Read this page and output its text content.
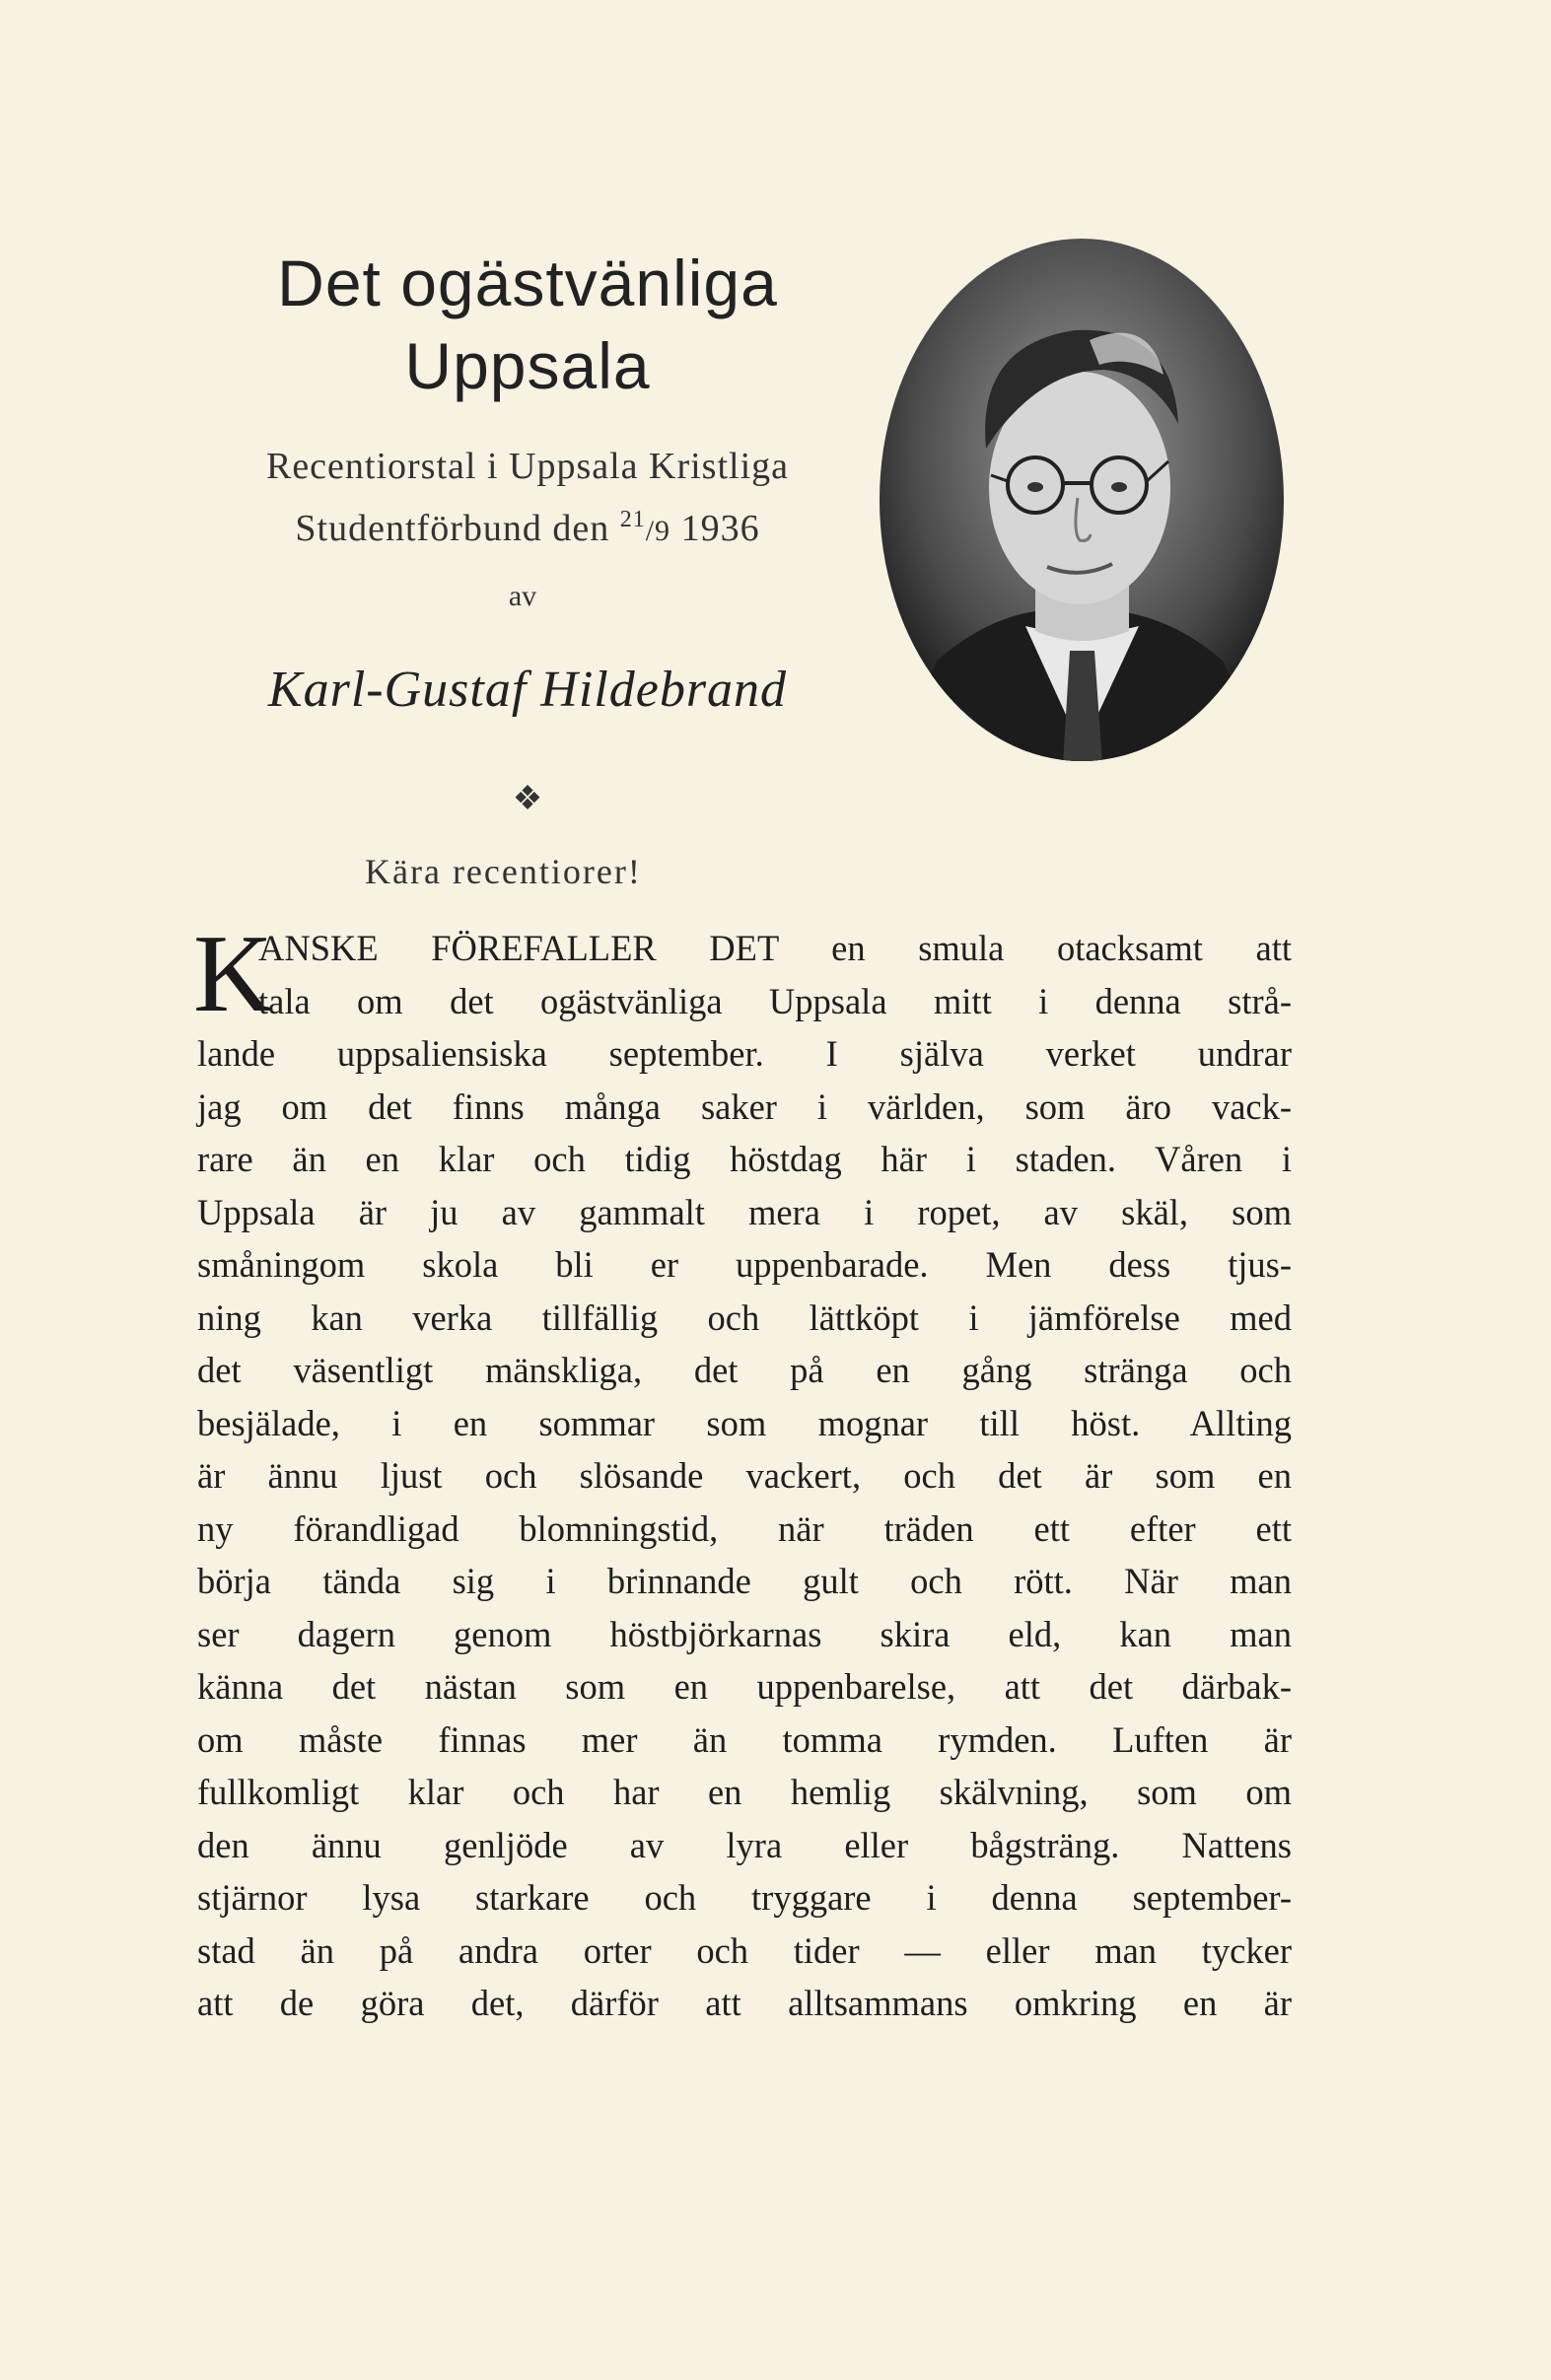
Det ogästvänliga
Uppsala
Recentiorstal i Uppsala Kristliga
Studentförbund den $^{21}$/9 1936
av
Karl-Gustaf Hildebrand
❖
Kära recentiorer!
K
ANSKE FÖREFALLER DET en smula otacksamt att
tala om det ogästvänliga Uppsala mitt i denna strå-
lande uppsaliensiska september. I själva verket undrar
jag om det finns många saker i världen, som äro vack-
rare än en klar och tidig höstdag här i staden. Våren i
Uppsala är ju av gammalt mera i ropet, av skäl, som
småningom skola bli er uppenbarade. Men dess tjus-
ning kan verka tillfällig och lättköpt i jämförelse med
det väsentligt mänskliga, det på en gång stränga och
besjälade, i en sommar som mognar till höst. Allting
är ännu ljust och slösande vackert, och det är som en
ny förandligad blomningstid, när träden ett efter ett
börja tända sig i brinnande gult och rött. När man
ser dagern genom höstbjörkarnas skira eld, kan man
känna det nästan som en uppenbarelse, att det därbak-
om måste finnas mer än tomma rymden. Luften är
fullkomligt klar och har en hemlig skälvning, som om
den ännu genljöde av lyra eller bågsträng. Nattens
stjärnor lysa starkare och tryggare i denna september-
stad än på andra orter och tider — eller man tycker
att de göra det, därför att alltsammans omkring en är
